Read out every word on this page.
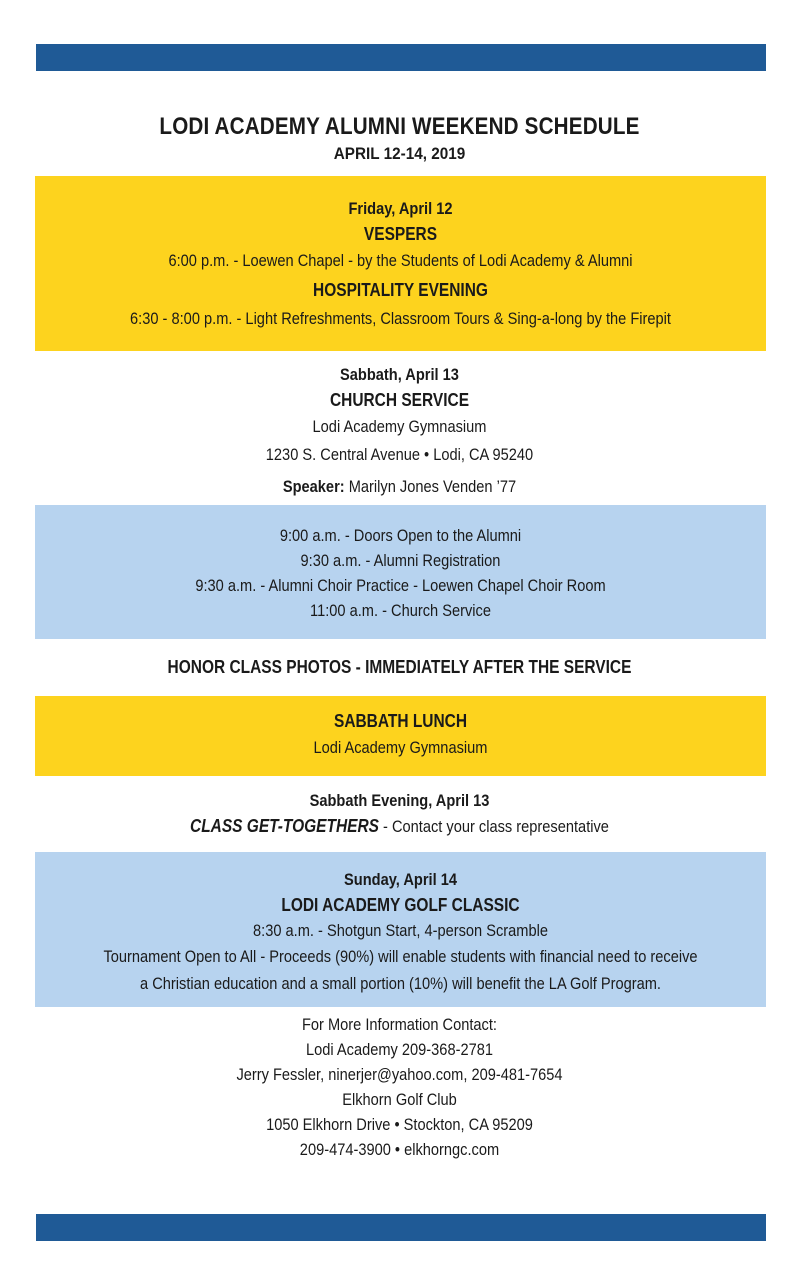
LODI ACADEMY ALUMNI WEEKEND SCHEDULE

APRIL 12-14, 2019

Friday, April 12

VESPERS

6:00 p.m. - Loewen Chapel - by the Students of Lodi Academy & Alumni

HOSPITALITY EVENING

6:30 - 8:00 p.m. - Light Refreshments, Classroom Tours & Sing-a-long by the Firepit

Sabbath, April 13

CHURCH SERVICE

Lodi Academy Gymnasium

1230 S. Central Avenue • Lodi, CA 95240

Speaker: Marilyn Jones Venden ’77

9:00 a.m. - Doors Open to the Alumni

9:30 a.m. - Alumni Registration

9:30 a.m. - Alumni Choir Practice - Loewen Chapel Choir Room

11:00 a.m. - Church Service

HONOR CLASS PHOTOS - IMMEDIATELY AFTER THE SERVICE

SABBATH LUNCH

Lodi Academy Gymnasium

Sabbath Evening, April 13

CLASS GET-TOGETHERS - Contact your class representative

Sunday, April 14

LODI ACADEMY GOLF CLASSIC

8:30 a.m. - Shotgun Start, 4-person Scramble

Tournament Open to All - Proceeds (90%) will enable students with financial need to receive

a Christian education and a small portion (10%) will benefit the LA Golf Program.

For More Information Contact:

Lodi Academy 209-368-2781

Jerry Fessler, ninerjer@yahoo.com, 209-481-7654

Elkhorn Golf Club

1050 Elkhorn Drive • Stockton, CA 95209

209-474-3900 • elkhorngc.com
